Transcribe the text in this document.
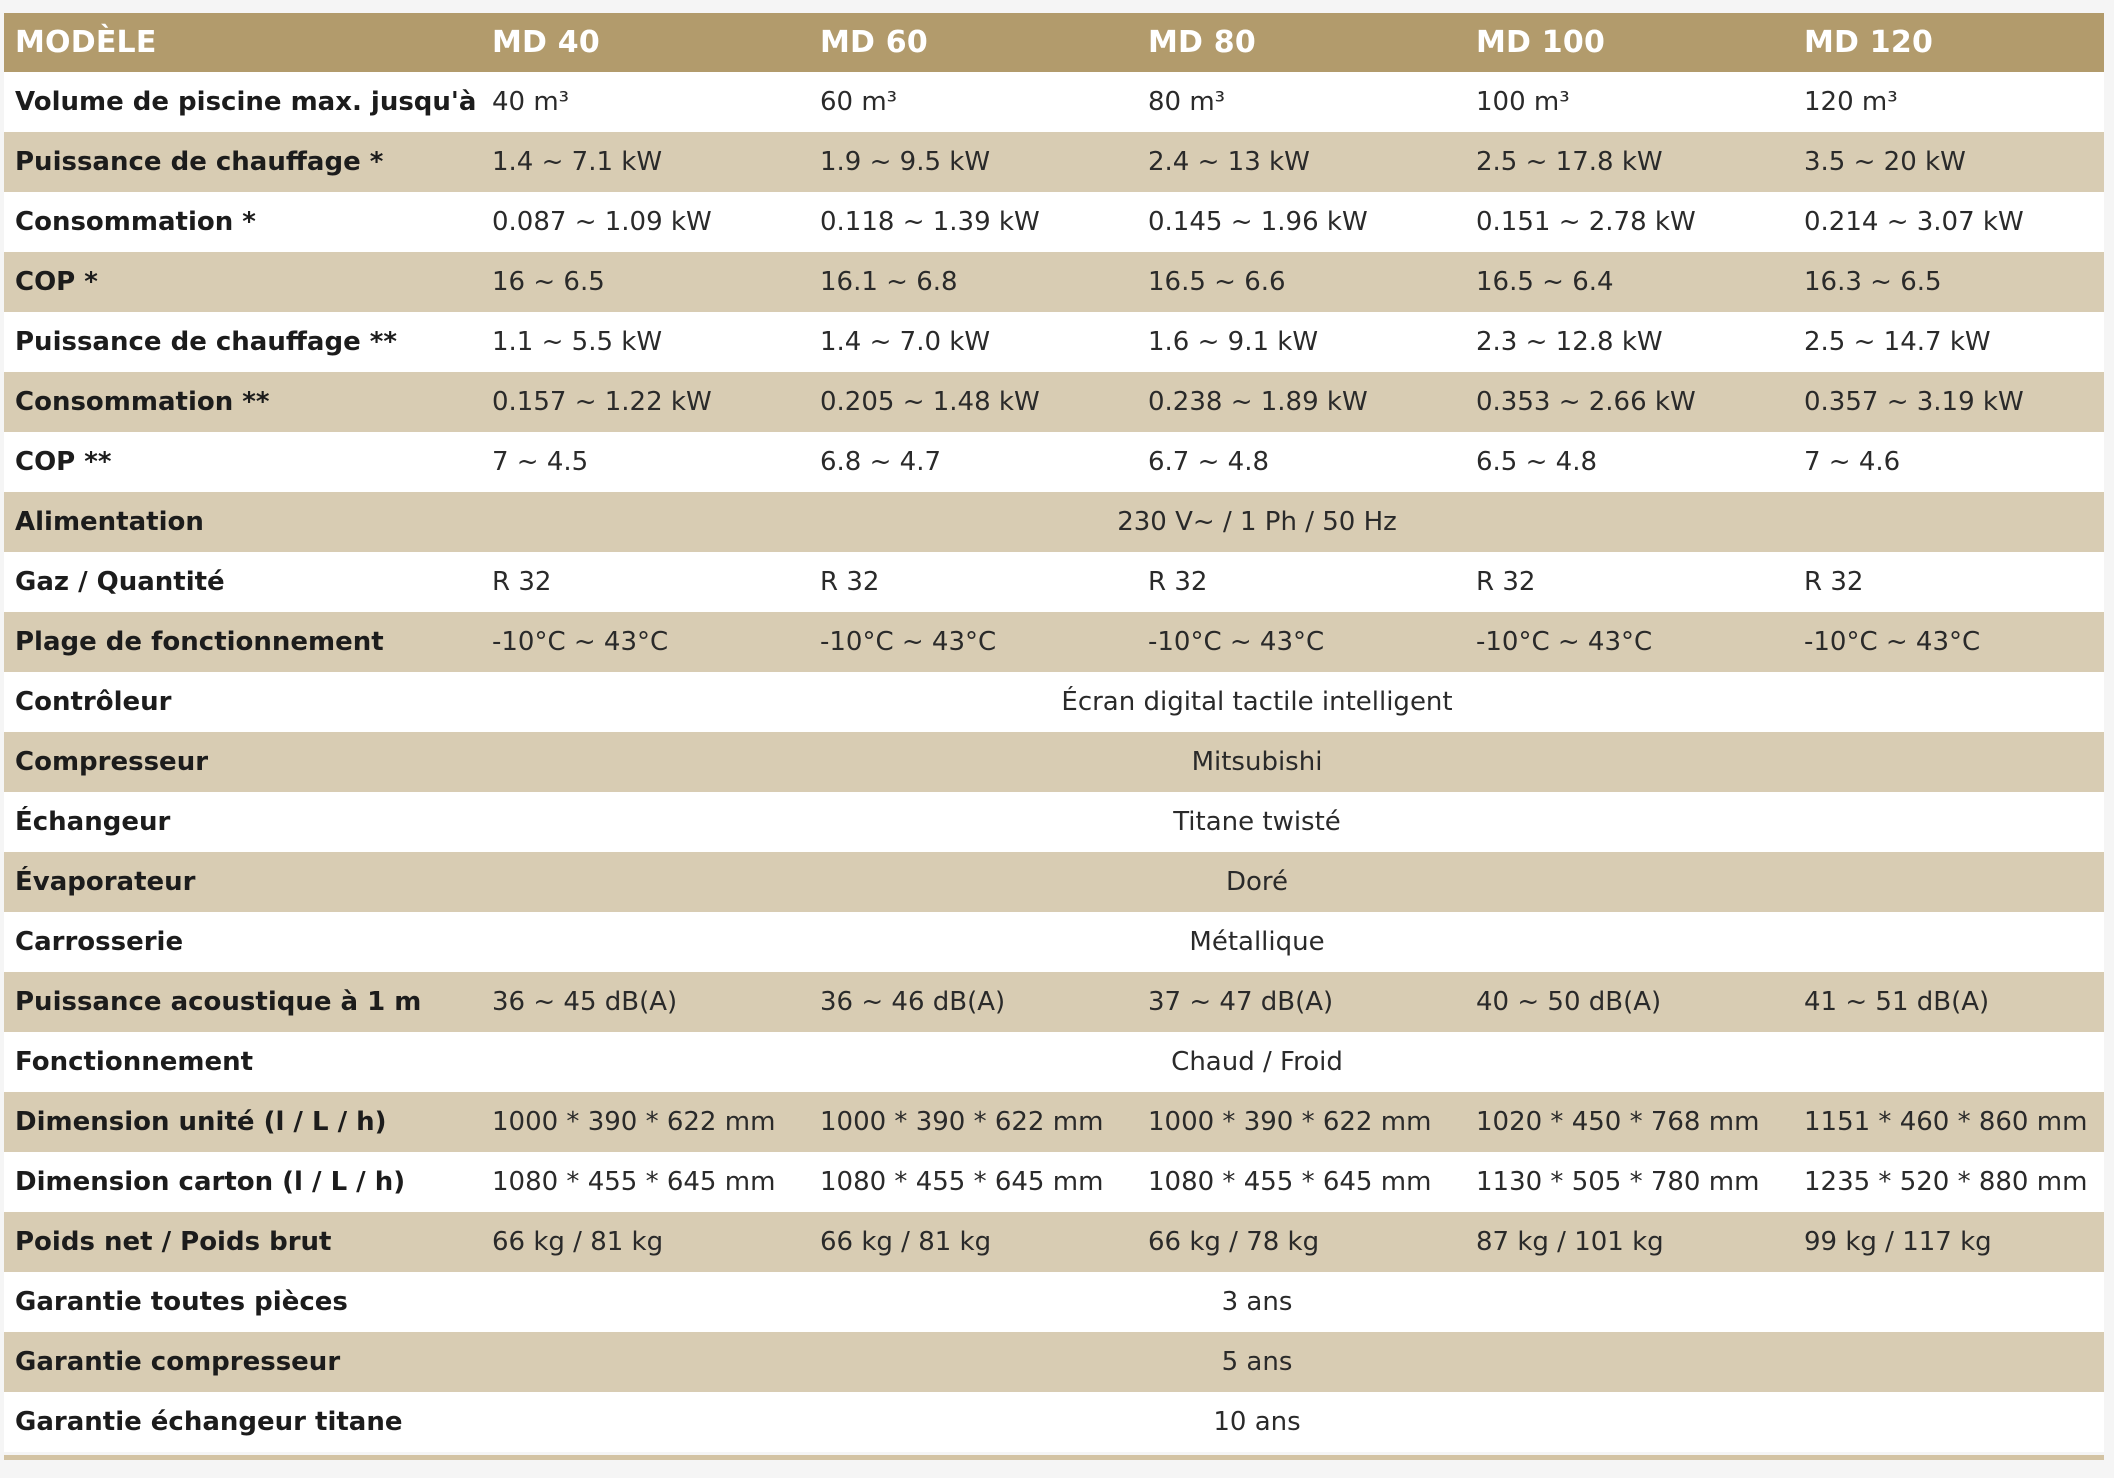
MODÈLE	MD 40	MD 60	MD 80	MD 100	MD 120
Volume de piscine max. jusqu'à	40 m³	60 m³	80 m³	100 m³	120 m³
Puissance de chauffage *	1.4 ~ 7.1 kW	1.9 ~ 9.5 kW	2.4 ~ 13 kW	2.5 ~ 17.8 kW	3.5 ~ 20 kW
Consommation *	0.087 ~ 1.09 kW	0.118 ~ 1.39 kW	0.145 ~ 1.96 kW	0.151 ~ 2.78 kW	0.214 ~ 3.07 kW
COP *	16 ~ 6.5	16.1 ~ 6.8	16.5 ~ 6.6	16.5 ~ 6.4	16.3 ~ 6.5
Puissance de chauffage **	1.1 ~ 5.5 kW	1.4 ~ 7.0 kW	1.6 ~ 9.1 kW	2.3 ~ 12.8 kW	2.5 ~ 14.7 kW
Consommation **	0.157 ~ 1.22 kW	0.205 ~ 1.48 kW	0.238 ~ 1.89 kW	0.353 ~ 2.66 kW	0.357 ~ 3.19 kW
COP **	7 ~ 4.5	6.8 ~ 4.7	6.7 ~ 4.8	6.5 ~ 4.8	7 ~ 4.6
Alimentation	230 V~ / 1 Ph / 50 Hz				
Gaz / Quantité	R 32	R 32	R 32	R 32	R 32
Plage de fonctionnement	-10°C ~ 43°C	-10°C ~ 43°C	-10°C ~ 43°C	-10°C ~ 43°C	-10°C ~ 43°C
Contrôleur	Écran digital tactile intelligent				
Compresseur	Mitsubishi				
Échangeur	Titane twisté				
Évaporateur	Doré				
Carrosserie	Métallique				
Puissance acoustique à 1 m	36 ~ 45 dB(A)	36 ~ 46 dB(A)	37 ~ 47 dB(A)	40 ~ 50 dB(A)	41 ~ 51 dB(A)
Fonctionnement	Chaud / Froid				
Dimension unité (l / L / h)	1000 * 390 * 622 mm	1000 * 390 * 622 mm	1000 * 390 * 622 mm	1020 * 450 * 768 mm	1151 * 460 * 860 mm
Dimension carton (l / L / h)	1080 * 455 * 645 mm	1080 * 455 * 645 mm	1080 * 455 * 645 mm	1130 * 505 * 780 mm	1235 * 520 * 880 mm
Poids net / Poids brut	66 kg / 81 kg	66 kg / 81 kg	66 kg / 78 kg	87 kg / 101 kg	99 kg / 117 kg
Garantie toutes pièces	3 ans				
Garantie compresseur	5 ans				
Garantie échangeur titane	10 ans				
